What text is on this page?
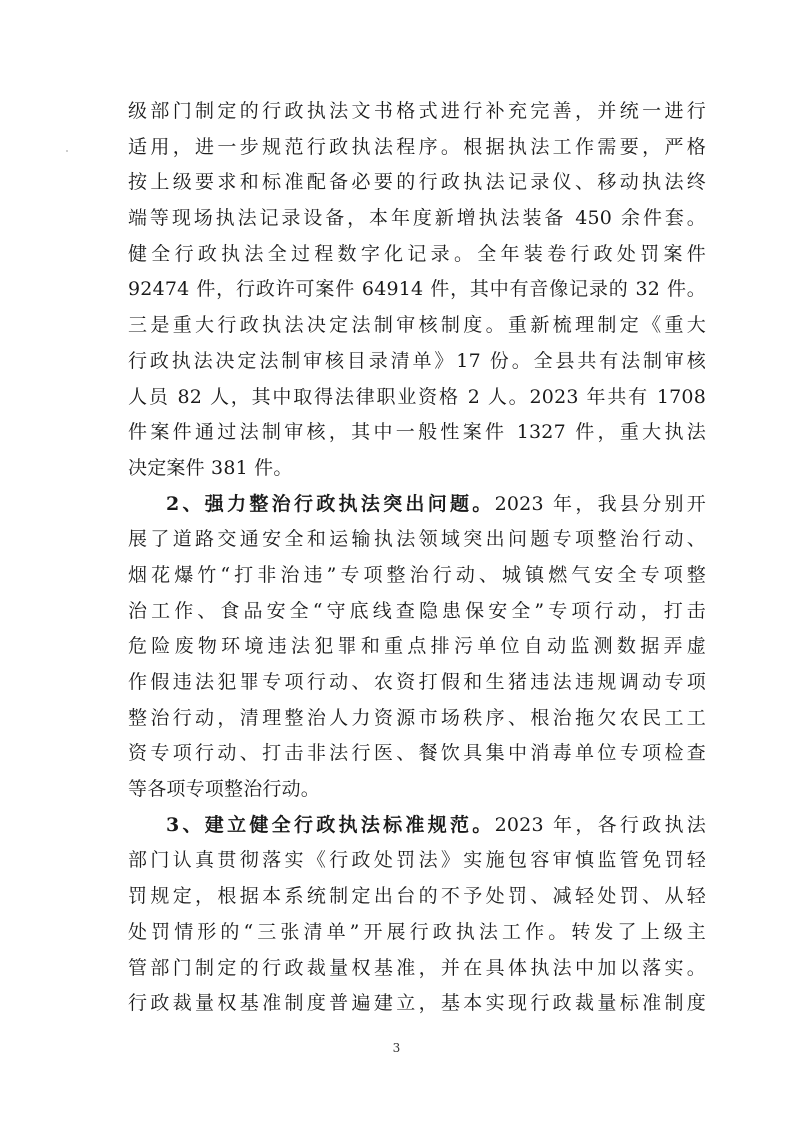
级部门制定的行政执法文书格式进行补充完善，并统一进行
适用，进一步规范行政执法程序。根据执法工作需要，严格
按上级要求和标准配备必要的行政执法记录仪、移动执法终
端等现场执法记录设备，本年度新增执法装备 450 余件套。
健全行政执法全过程数字化记录。全年装卷行政处罚案件
92474 件，行政许可案件 64914 件，其中有音像记录的 32 件。
三是重大行政执法决定法制审核制度。重新梳理制定《重大
行政执法决定法制审核目录清单》17 份。全县共有法制审核
人员 82 人，其中取得法律职业资格 2 人。2023 年共有 1708
件案件通过法制审核，其中一般性案件 1327 件，重大执法
决定案件 381 件。
2、强力整治行政执法突出问题。2023 年，我县分别开
展了道路交通安全和运输执法领域突出问题专项整治行动、
烟花爆竹“打非治违”专项整治行动、城镇燃气安全专项整
治工作、食品安全“守底线查隐患保安全”专项行动，打击
危险废物环境违法犯罪和重点排污单位自动监测数据弄虚
作假违法犯罪专项行动、农资打假和生猪违法违规调动专项
整治行动，清理整治人力资源市场秩序、根治拖欠农民工工
资专项行动、打击非法行医、餐饮具集中消毒单位专项检查
等各项专项整治行动。
3、建立健全行政执法标准规范。2023 年，各行政执法
部门认真贯彻落实《行政处罚法》实施包容审慎监管免罚轻
罚规定，根据本系统制定出台的不予处罚、减轻处罚、从轻
处罚情形的“三张清单”开展行政执法工作。转发了上级主
管部门制定的行政裁量权基准，并在具体执法中加以落实。
行政裁量权基准制度普遍建立，基本实现行政裁量标准制度
3
